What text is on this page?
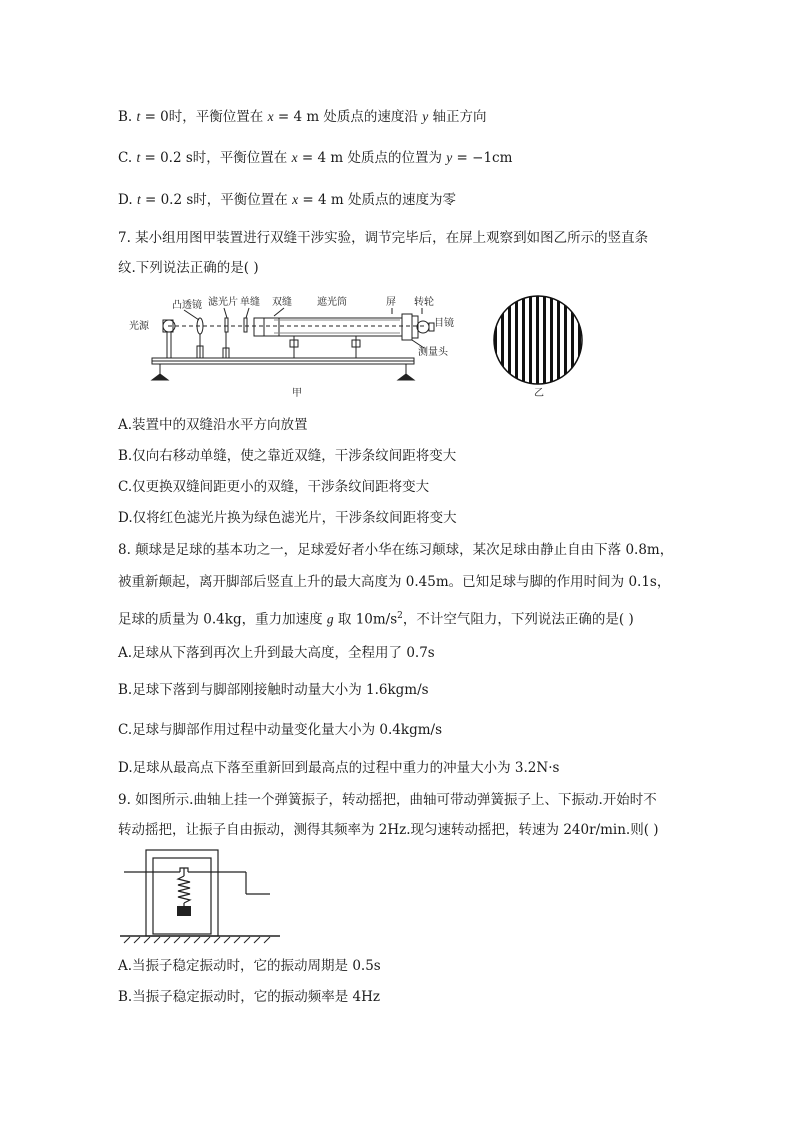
B. t = 0时，平衡位置在 x = 4 m 处质点的速度沿 y 轴正方向
C. t = 0.2 s时，平衡位置在 x = 4 m 处质点的位置为 y = −1cm
D. t = 0.2 s时，平衡位置在 x = 4 m 处质点的速度为零
7. 某小组用图甲装置进行双缝干涉实验，调节完毕后，在屏上观察到如图乙所示的竖直条
纹.下列说法正确的是( )
凸透镜 滤光片 单缝 双缝	遮光筒	屏 转轮
光源	目镜
测量头
甲	乙
A.装置中的双缝沿水平方向放置
B.仅向右移动单缝，使之靠近双缝，干涉条纹间距将变大
C.仅更换双缝间距更小的双缝，干涉条纹间距将变大
D.仅将红色滤光片换为绿色滤光片，干涉条纹间距将变大
8. 颠球是足球的基本功之一，足球爱好者小华在练习颠球，某次足球由静止自由下落 0.8m，
被重新颠起，离开脚部后竖直上升的最大高度为 0.45m。已知足球与脚的作用时间为 0.1s，
足球的质量为 0.4kg，重力加速度 g 取 $10m/s^2$，不计空气阻力，下列说法正确的是( )
A.足球从下落到再次上升到最大高度，全程用了 0.7s
B.足球下落到与脚部刚接触时动量大小为 1.6kgm/s
C.足球与脚部作用过程中动量变化量大小为 0.4kgm/s
D.足球从最高点下落至重新回到最高点的过程中重力的冲量大小为 3.2N·s
9. 如图所示.曲轴上挂一个弹簧振子，转动摇把，曲轴可带动弹簧振子上、下振动.开始时不
转动摇把，让振子自由振动，测得其频率为 2Hz.现匀速转动摇把，转速为 240r/min.则( )
A.当振子稳定振动时，它的振动周期是 0.5s
B.当振子稳定振动时，它的振动频率是 4Hz
